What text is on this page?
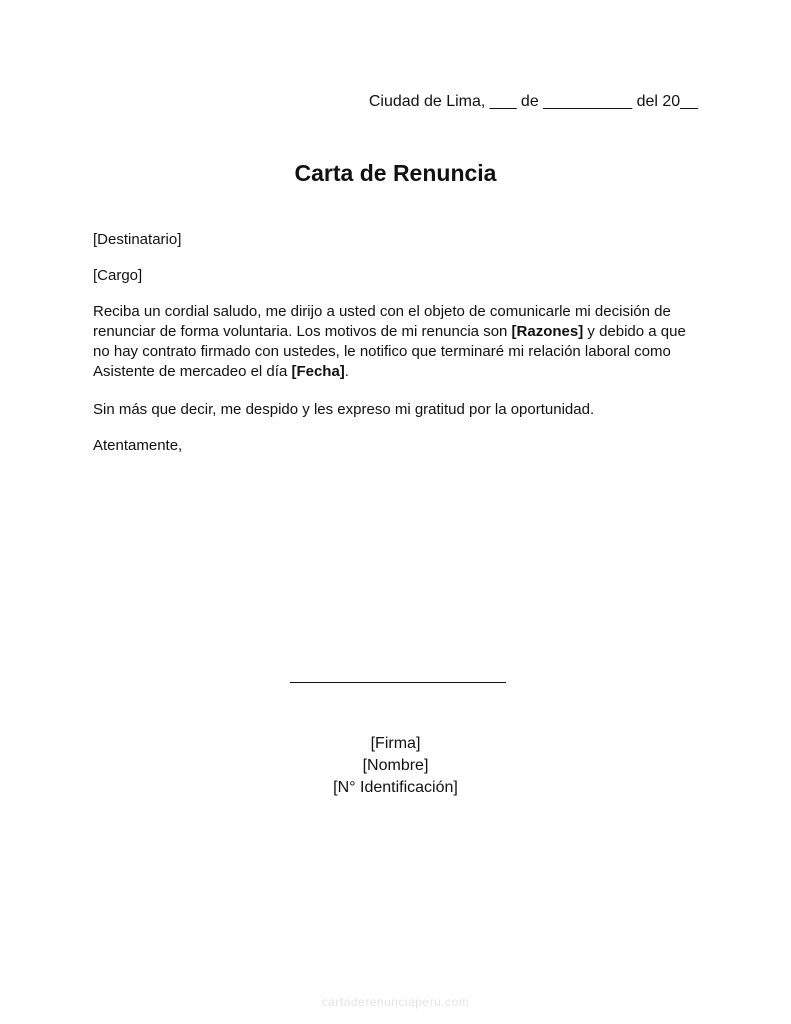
Ciudad de Lima, ___ de __________ del 20__
Carta de Renuncia
[Destinatario]
[Cargo]
Reciba un cordial saludo, me dirijo a usted con el objeto de comunicarle mi decisión de renunciar de forma voluntaria. Los motivos de mi renuncia son [Razones] y debido a que no hay contrato firmado con ustedes, le notifico que terminaré mi relación laboral como Asistente de mercadeo el día [Fecha].
Sin más que decir, me despido y les expreso mi gratitud por la oportunidad.
Atentamente,
[Firma]
[Nombre]
[N° Identificación]
cartaderenunciaperu.com
